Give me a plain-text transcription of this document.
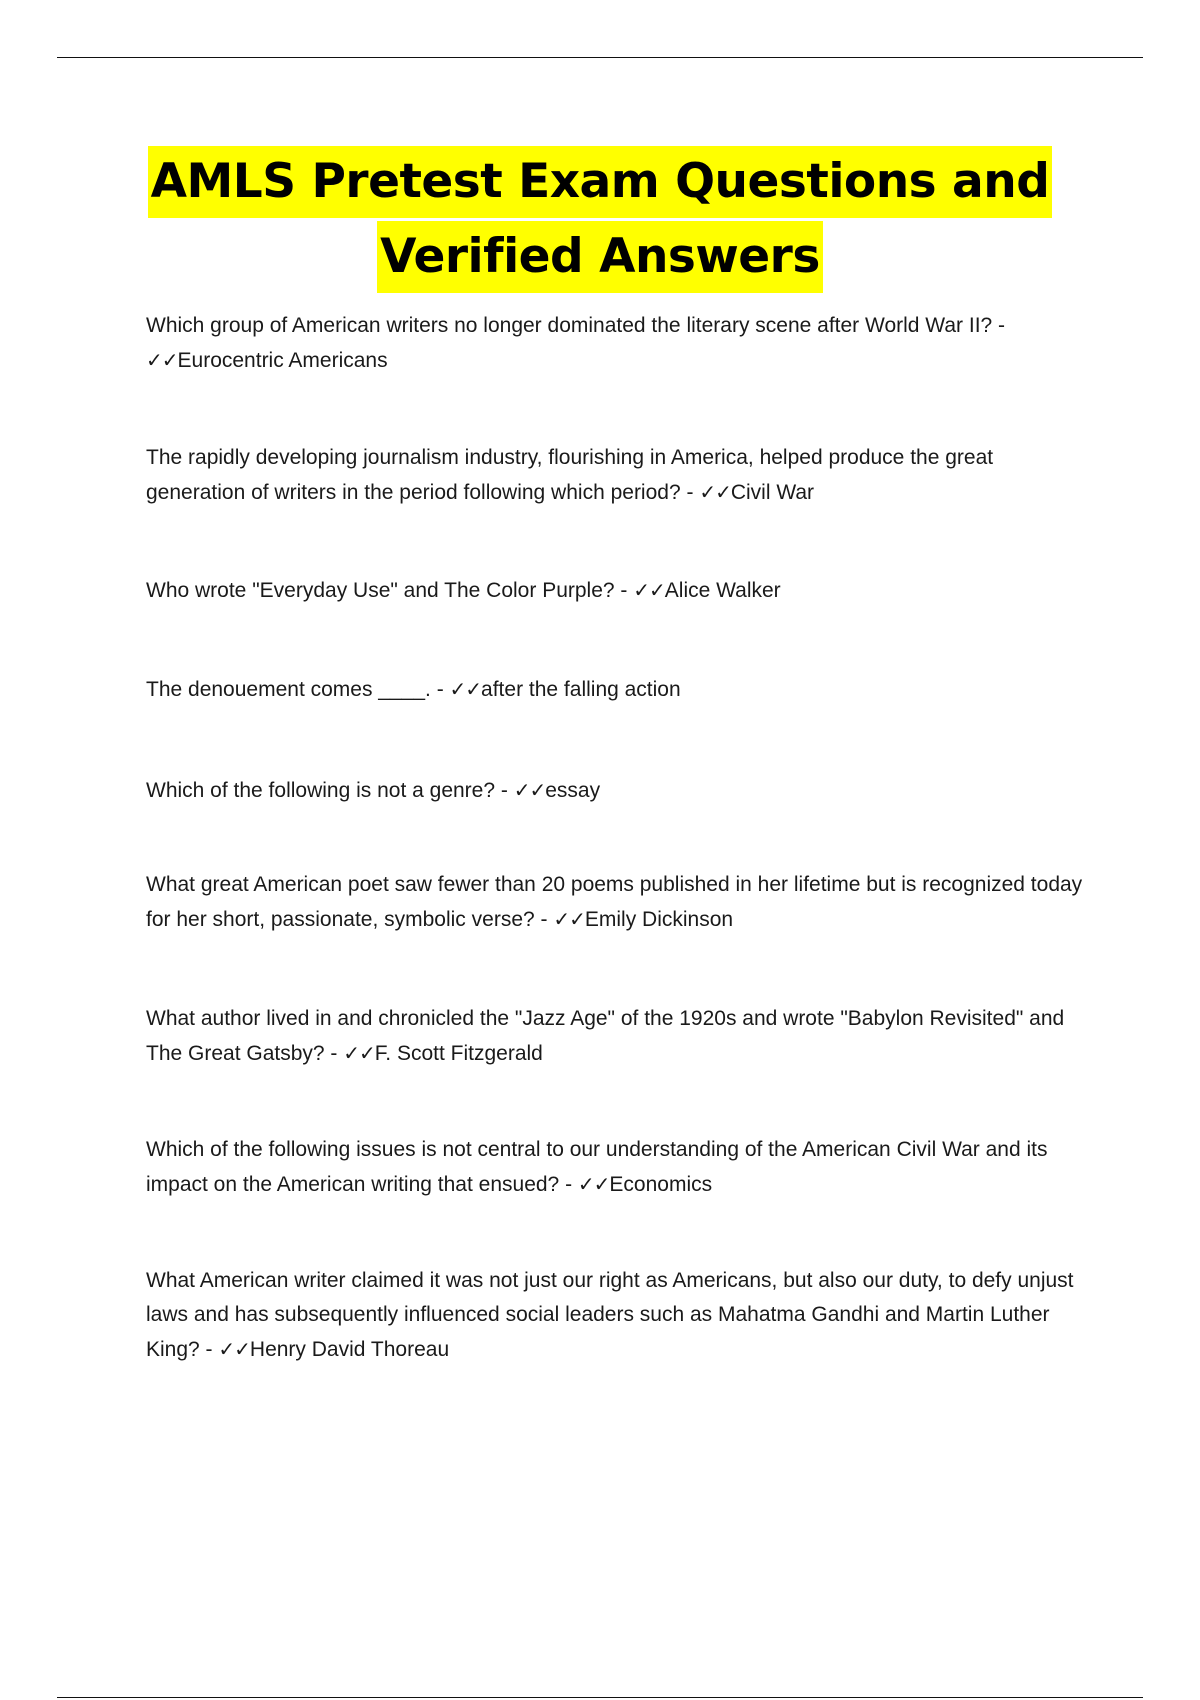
AMLS Pretest Exam Questions and
Verified Answers

Which group of American writers no longer dominated the literary scene after World War II? - ✓✓Eurocentric Americans

The rapidly developing journalism industry, flourishing in America, helped produce the great generation of writers in the period following which period? - ✓✓Civil War

Who wrote "Everyday Use" and The Color Purple? - ✓✓Alice Walker

The denouement comes ____. - ✓✓after the falling action

Which of the following is not a genre? - ✓✓essay

What great American poet saw fewer than 20 poems published in her lifetime but is recognized today for her short, passionate, symbolic verse? - ✓✓Emily Dickinson

What author lived in and chronicled the "Jazz Age" of the 1920s and wrote "Babylon Revisited" and The Great Gatsby? - ✓✓F. Scott Fitzgerald

Which of the following issues is not central to our understanding of the American Civil War and its impact on the American writing that ensued? - ✓✓Economics

What American writer claimed it was not just our right as Americans, but also our duty, to defy unjust laws and has subsequently influenced social leaders such as Mahatma Gandhi and Martin Luther King? - ✓✓Henry David Thoreau
